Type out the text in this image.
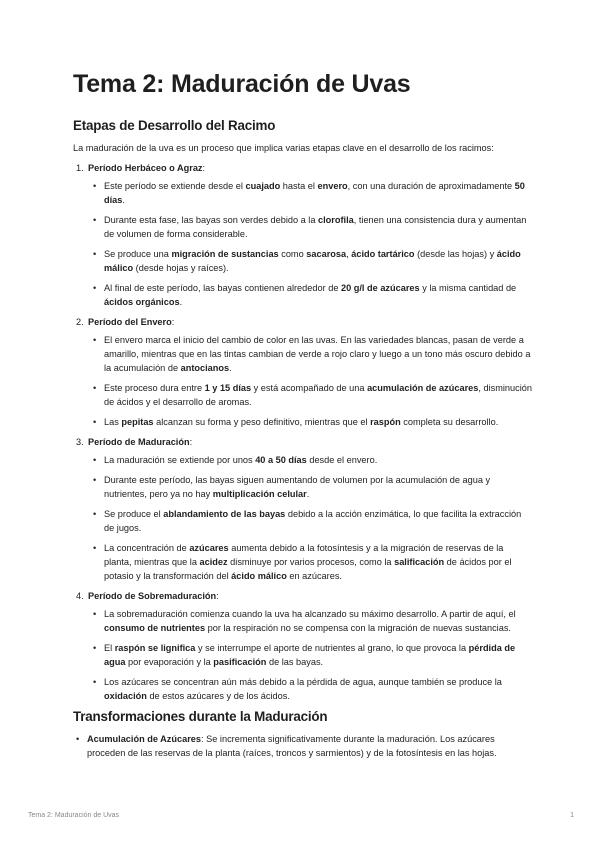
Tema 2: Maduración de Uvas
Etapas de Desarrollo del Racimo

La maduración de la uva es un proceso que implica varias etapas clave en el desarrollo de los racimos:

1. Período Herbáceo o Agraz:
• Este período se extiende desde el cuajado hasta el envero, con una duración de aproximadamente 50 días.
• Durante esta fase, las bayas son verdes debido a la clorofila, tienen una consistencia dura y aumentan de volumen de forma considerable.
• Se produce una migración de sustancias como sacarosa, ácido tartárico (desde las hojas) y ácido málico (desde hojas y raíces).
• Al final de este período, las bayas contienen alrededor de 20 g/l de azúcares y la misma cantidad de ácidos orgánicos.
2. Período del Envero:
• El envero marca el inicio del cambio de color en las uvas. En las variedades blancas, pasan de verde a amarillo, mientras que en las tintas cambian de verde a rojo claro y luego a un tono más oscuro debido a la acumulación de antocianos.
• Este proceso dura entre 1 y 15 días y está acompañado de una acumulación de azúcares, disminución de ácidos y el desarrollo de aromas.
• Las pepitas alcanzan su forma y peso definitivo, mientras que el raspón completa su desarrollo.
3. Período de Maduración:
• La maduración se extiende por unos 40 a 50 días desde el envero.
• Durante este período, las bayas siguen aumentando de volumen por la acumulación de agua y nutrientes, pero ya no hay multiplicación celular.
• Se produce el ablandamiento de las bayas debido a la acción enzimática, lo que facilita la extracción de jugos.
• La concentración de azúcares aumenta debido a la fotosíntesis y a la migración de reservas de la planta, mientras que la acidez disminuye por varios procesos, como la salificación de ácidos por el potasio y la transformación del ácido málico en azúcares.
4. Período de Sobremaduración:
• La sobremaduración comienza cuando la uva ha alcanzado su máximo desarrollo. A partir de aquí, el consumo de nutrientes por la respiración no se compensa con la migración de nuevas sustancias.
• El raspón se lignifica y se interrumpe el aporte de nutrientes al grano, lo que provoca la pérdida de agua por evaporación y la pasificación de las bayas.
• Los azúcares se concentran aún más debido a la pérdida de agua, aunque también se produce la oxidación de estos azúcares y de los ácidos.
Transformaciones durante la Maduración
• Acumulación de Azúcares: Se incrementa significativamente durante la maduración. Los azúcares proceden de las reservas de la planta (raíces, troncos y sarmientos) y de la fotosíntesis en las hojas.
Tema 2: Maduración de Uvas	1
